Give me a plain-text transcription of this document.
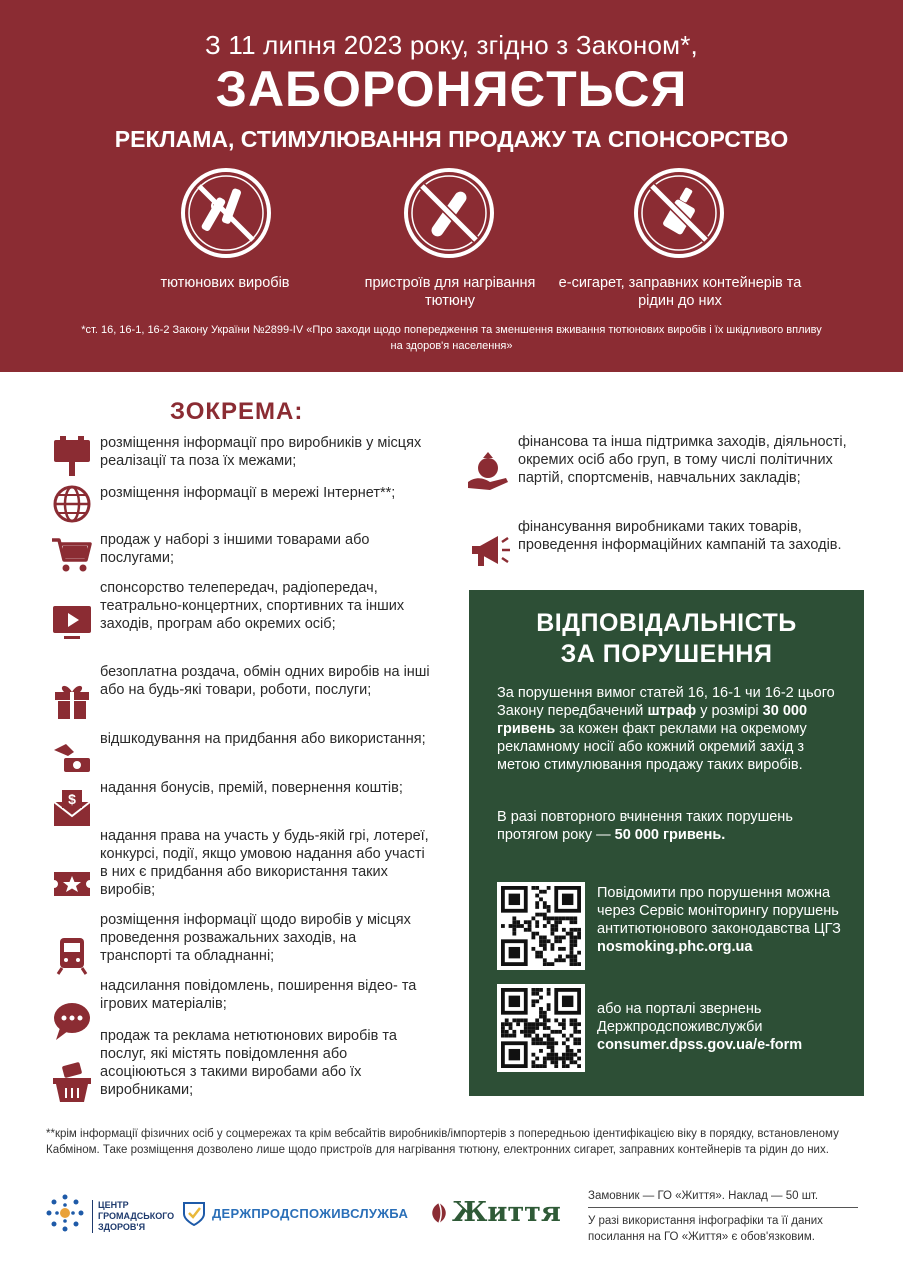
З 11 липня 2023 року, згідно з Законом*,
ЗАБОРОНЯЄТЬСЯ
РЕКЛАМА, СТИМУЛЮВАННЯ ПРОДАЖУ ТА СПОНСОРСТВО
тютюнових виробів	пристроїв для нагрівання тютюну
е-сигарет, заправних контейнерів та рідин до них
*ст. 16, 16-1, 16-2 Закону України №2899-IV «Про заходи щодо попередження та зменшення вживання тютюнових виробів і їх шкідливого впливу на здоров'я населення»
ЗОКРЕМА:
розміщення інформації про виробників у місцях реалізації та поза їх межами;
розміщення інформації в мережі Інтернет**;
продаж у наборі з іншими товарами або послугами;
спонсорство телепередач, радіопередач, театрально-концертних, спортивних та інших заходів, програм або окремих осіб;
безоплатна роздача, обмін одних виробів на інші або на будь-які товари, роботи, послуги;
відшкодування на придбання або використання;
$
надання бонусів, премій, повернення коштів;
надання права на участь у будь-якій грі, лотереї, конкурсі, події, якщо умовою надання або участі в них є придбання або використання таких виробів;
розміщення інформації щодо виробів у місцях проведення розважальних заходів, на транспорті та обладнанні;
надсилання повідомлень, поширення відео- та ігрових матеріалів;
продаж та реклама нетютюнових виробів та послуг, які містять повідомлення або асоціюються з такими виробами або їх виробниками;
фінансова та інша підтримка заходів, діяльності, окремих осіб або груп, в тому числі політичних партій, спортсменів, навчальних закладів;
фінансування виробниками таких товарів, проведення інформаційних кампаній та заходів.
ВІДПОВІДАЛЬНІСТЬ
ЗА ПОРУШЕННЯ
За порушення вимог статей 16, 16-1 чи 16-2 цього Закону передбачений штраф у розмірі 30 000 гривень за кожен факт реклами на окремому рекламному носії або кожний окремий захід з метою стимулювання продажу таких виробів.
В разі повторного вчинення таких порушень протягом року — 50 000 гривень.
Повідомити про порушення можна через Сервіс моніторингу порушень антитютюнового законодавства ЦГЗ nosmoking.phc.org.ua
або на порталі звернень Держпродспоживслужби consumer.dpss.gov.ua/e-form
**крім інформації фізичних осіб у соцмережах та крім вебсайтів виробників/імпортерів з попередньою ідентифікацією віку в порядку, встановленому Кабміном. Таке розміщення дозволено лише щодо пристроїв для нагрівання тютюну, електронних сигарет, заправних контейнерів та рідин до них.
ЦЕНТР
ГРОМАДСЬКОГО
ЗДОРОВ'Я
ДЕРЖПРОДСПОЖИВСЛУЖБА Життя
Замовник — ГО «Життя». Наклад — 50 шт.
У разі використання інфографіки та її даних посилання на ГО «Життя» є обов'язковим.
